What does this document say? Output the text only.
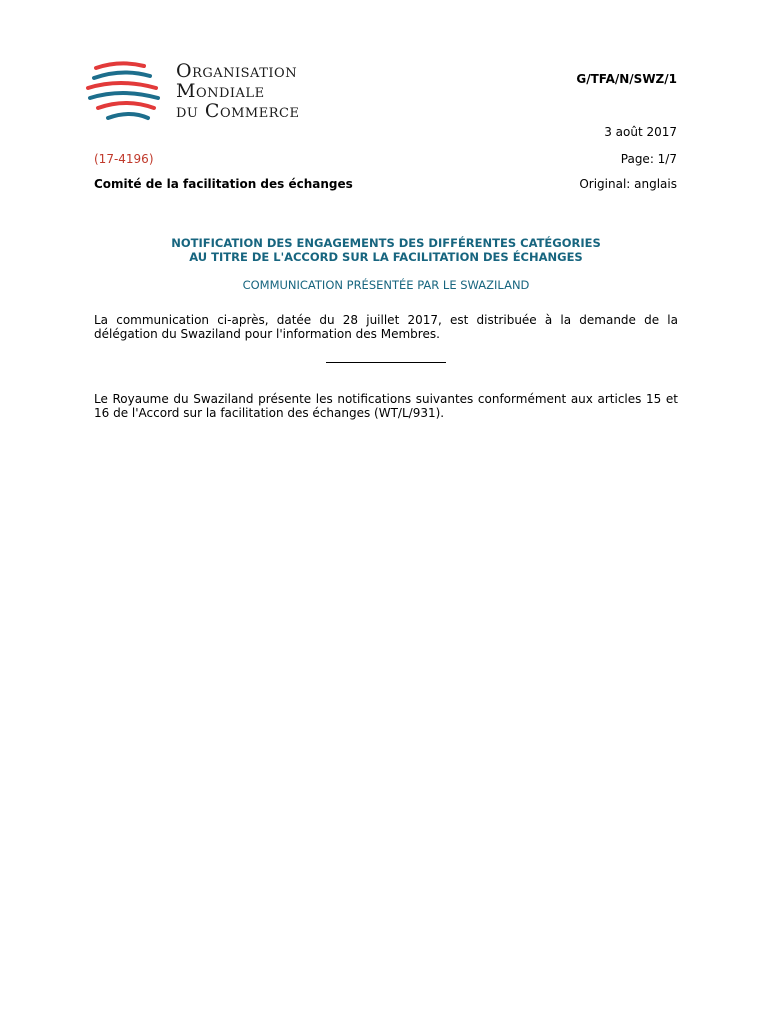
Organisation
Mondiale
du Commerce
G/TFA/N/SWZ/1
3 août 2017
(17-4196)	Page: 1/7
Comité de la facilitation des échanges	Original: anglais
NOTIFICATION DES ENGAGEMENTS DES DIFFÉRENTES CATÉGORIES
AU TITRE DE L'ACCORD SUR LA FACILITATION DES ÉCHANGES
COMMUNICATION PRÉSENTÉE PAR LE SWAZILAND
La communication ci-après, datée du 28 juillet 2017, est distribuée à la demande de la délégation du Swaziland pour l'information des Membres.
Le Royaume du Swaziland présente les notifications suivantes conformément aux articles 15 et 16 de l'Accord sur la facilitation des échanges (WT/L/931).
